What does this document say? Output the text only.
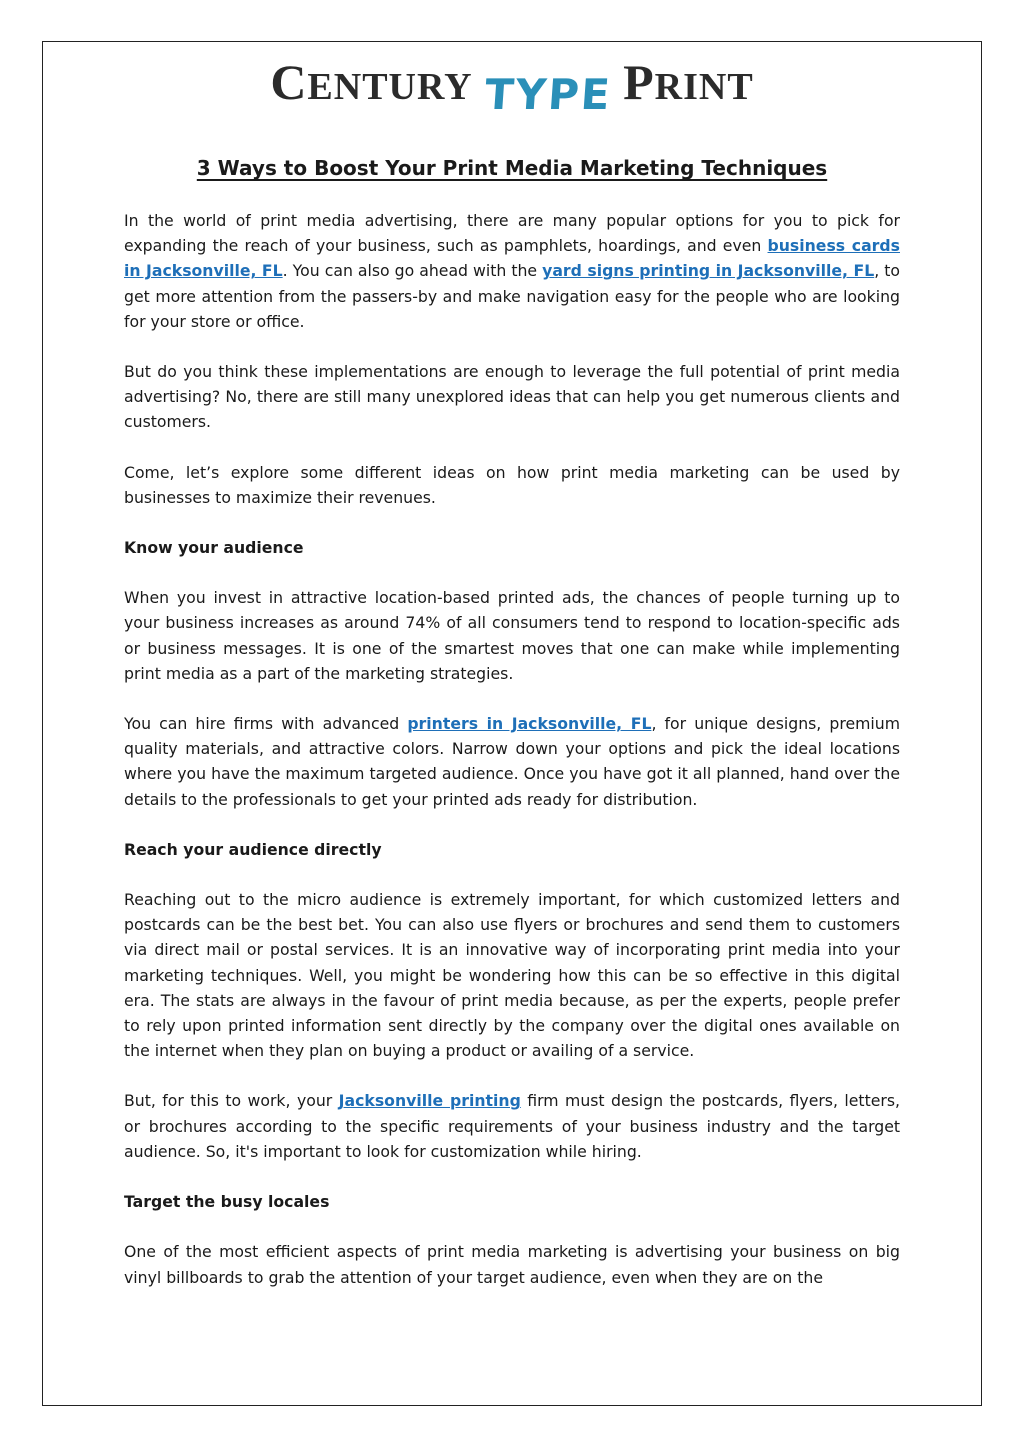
CENTURY TYPE PRINT
3 Ways to Boost Your Print Media Marketing Techniques

In the world of print media advertising, there are many popular options for you to pick for expanding the reach of your business, such as pamphlets, hoardings, and even business cards in Jacksonville, FL. You can also go ahead with the yard signs printing in Jacksonville, FL, to get more attention from the passers-by and make navigation easy for the people who are looking for your store or office.

But do you think these implementations are enough to leverage the full potential of print media advertising? No, there are still many unexplored ideas that can help you get numerous clients and customers.

Come, let’s explore some different ideas on how print media marketing can be used by businesses to maximize their revenues.

Know your audience

When you invest in attractive location-based printed ads, the chances of people turning up to your business increases as around 74% of all consumers tend to respond to location-specific ads or business messages. It is one of the smartest moves that one can make while implementing print media as a part of the marketing strategies.

You can hire firms with advanced printers in Jacksonville, FL, for unique designs, premium quality materials, and attractive colors. Narrow down your options and pick the ideal locations where you have the maximum targeted audience. Once you have got it all planned, hand over the details to the professionals to get your printed ads ready for distribution.

Reach your audience directly

Reaching out to the micro audience is extremely important, for which customized letters and postcards can be the best bet. You can also use flyers or brochures and send them to customers via direct mail or postal services. It is an innovative way of incorporating print media into your marketing techniques. Well, you might be wondering how this can be so effective in this digital era. The stats are always in the favour of print media because, as per the experts, people prefer to rely upon printed information sent directly by the company over the digital ones available on the internet when they plan on buying a product or availing of a service.

But, for this to work, your Jacksonville printing firm must design the postcards, flyers, letters, or brochures according to the specific requirements of your business industry and the target audience. So, it's important to look for customization while hiring.

Target the busy locales

One of the most efficient aspects of print media marketing is advertising your business on big vinyl billboards to grab the attention of your target audience, even when they are on the
